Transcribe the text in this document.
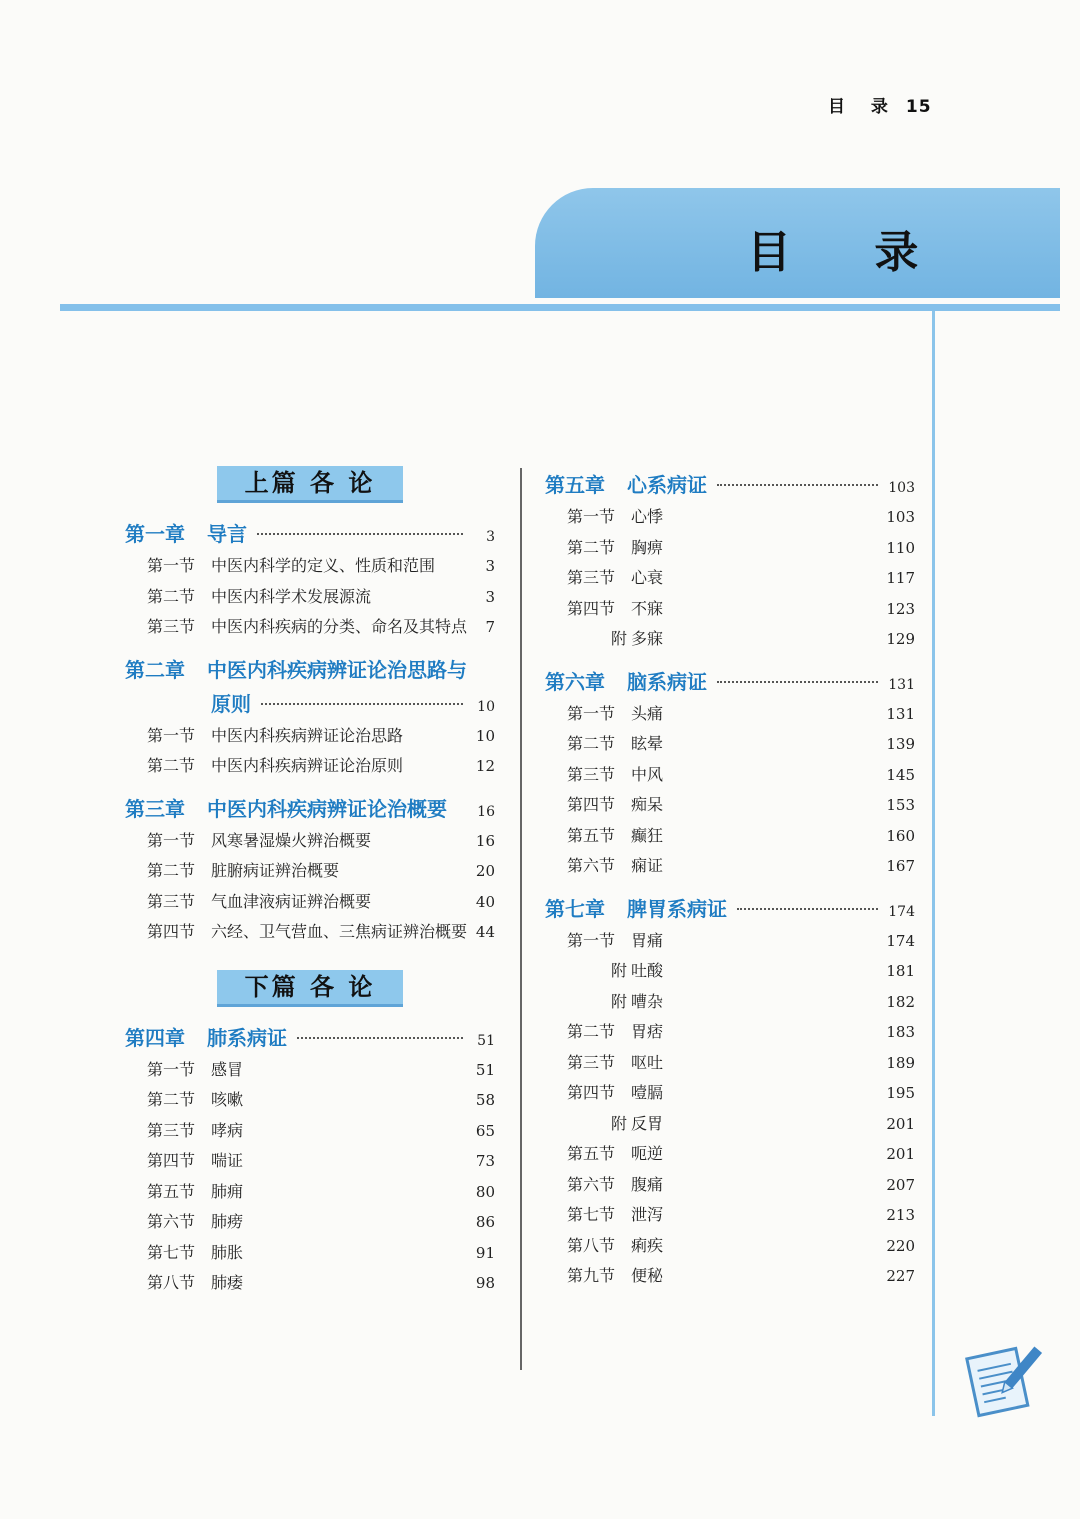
目 录 15
目 录
上篇 各 论
第一章	导言	3
第一节 中医内科学的定义、性质和范围	3
第二节 中医内科学术发展源流	3
第三节 中医内科疾病的分类、命名及其特点	7
第二章	中医内科疾病辨证论治思路与
原则	10
第一节 中医内科疾病辨证论治思路	10
第二节 中医内科疾病辨证论治原则	12
第三章	中医内科疾病辨证论治概要 16
第一节 风寒暑湿燥火辨治概要	16
第二节 脏腑病证辨治概要	20
第三节 气血津液病证辨治概要	40
第四节 六经、卫气营血、三焦病证辨治概要 44
下篇 各 论
第四章	肺系病证	51
第一节 感冒	51
第二节 咳嗽	58
第三节 哮病	65
第四节 喘证	73
第五节 肺痈	80
第六节 肺痨	86
第七节 肺胀	91
第八节 肺痿	98
第五章	心系病证	103
第一节 心悸	103
第二节 胸痹	110
第三节 心衰	117
第四节 不寐	123
附 多寐	129
第六章	脑系病证	131
第一节 头痛	131
第二节 眩晕	139
第三节 中风	145
第四节 痴呆	153
第五节 癫狂	160
第六节 痫证	167
第七章	脾胃系病证	174
第一节 胃痛	174
附 吐酸	181
附 嘈杂	182
第二节 胃痞	183
第三节 呕吐	189
第四节 噎膈	195
附 反胃	201
第五节 呃逆	201
第六节 腹痛	207
第七节 泄泻	213
第八节 痢疾	220
第九节 便秘	227
